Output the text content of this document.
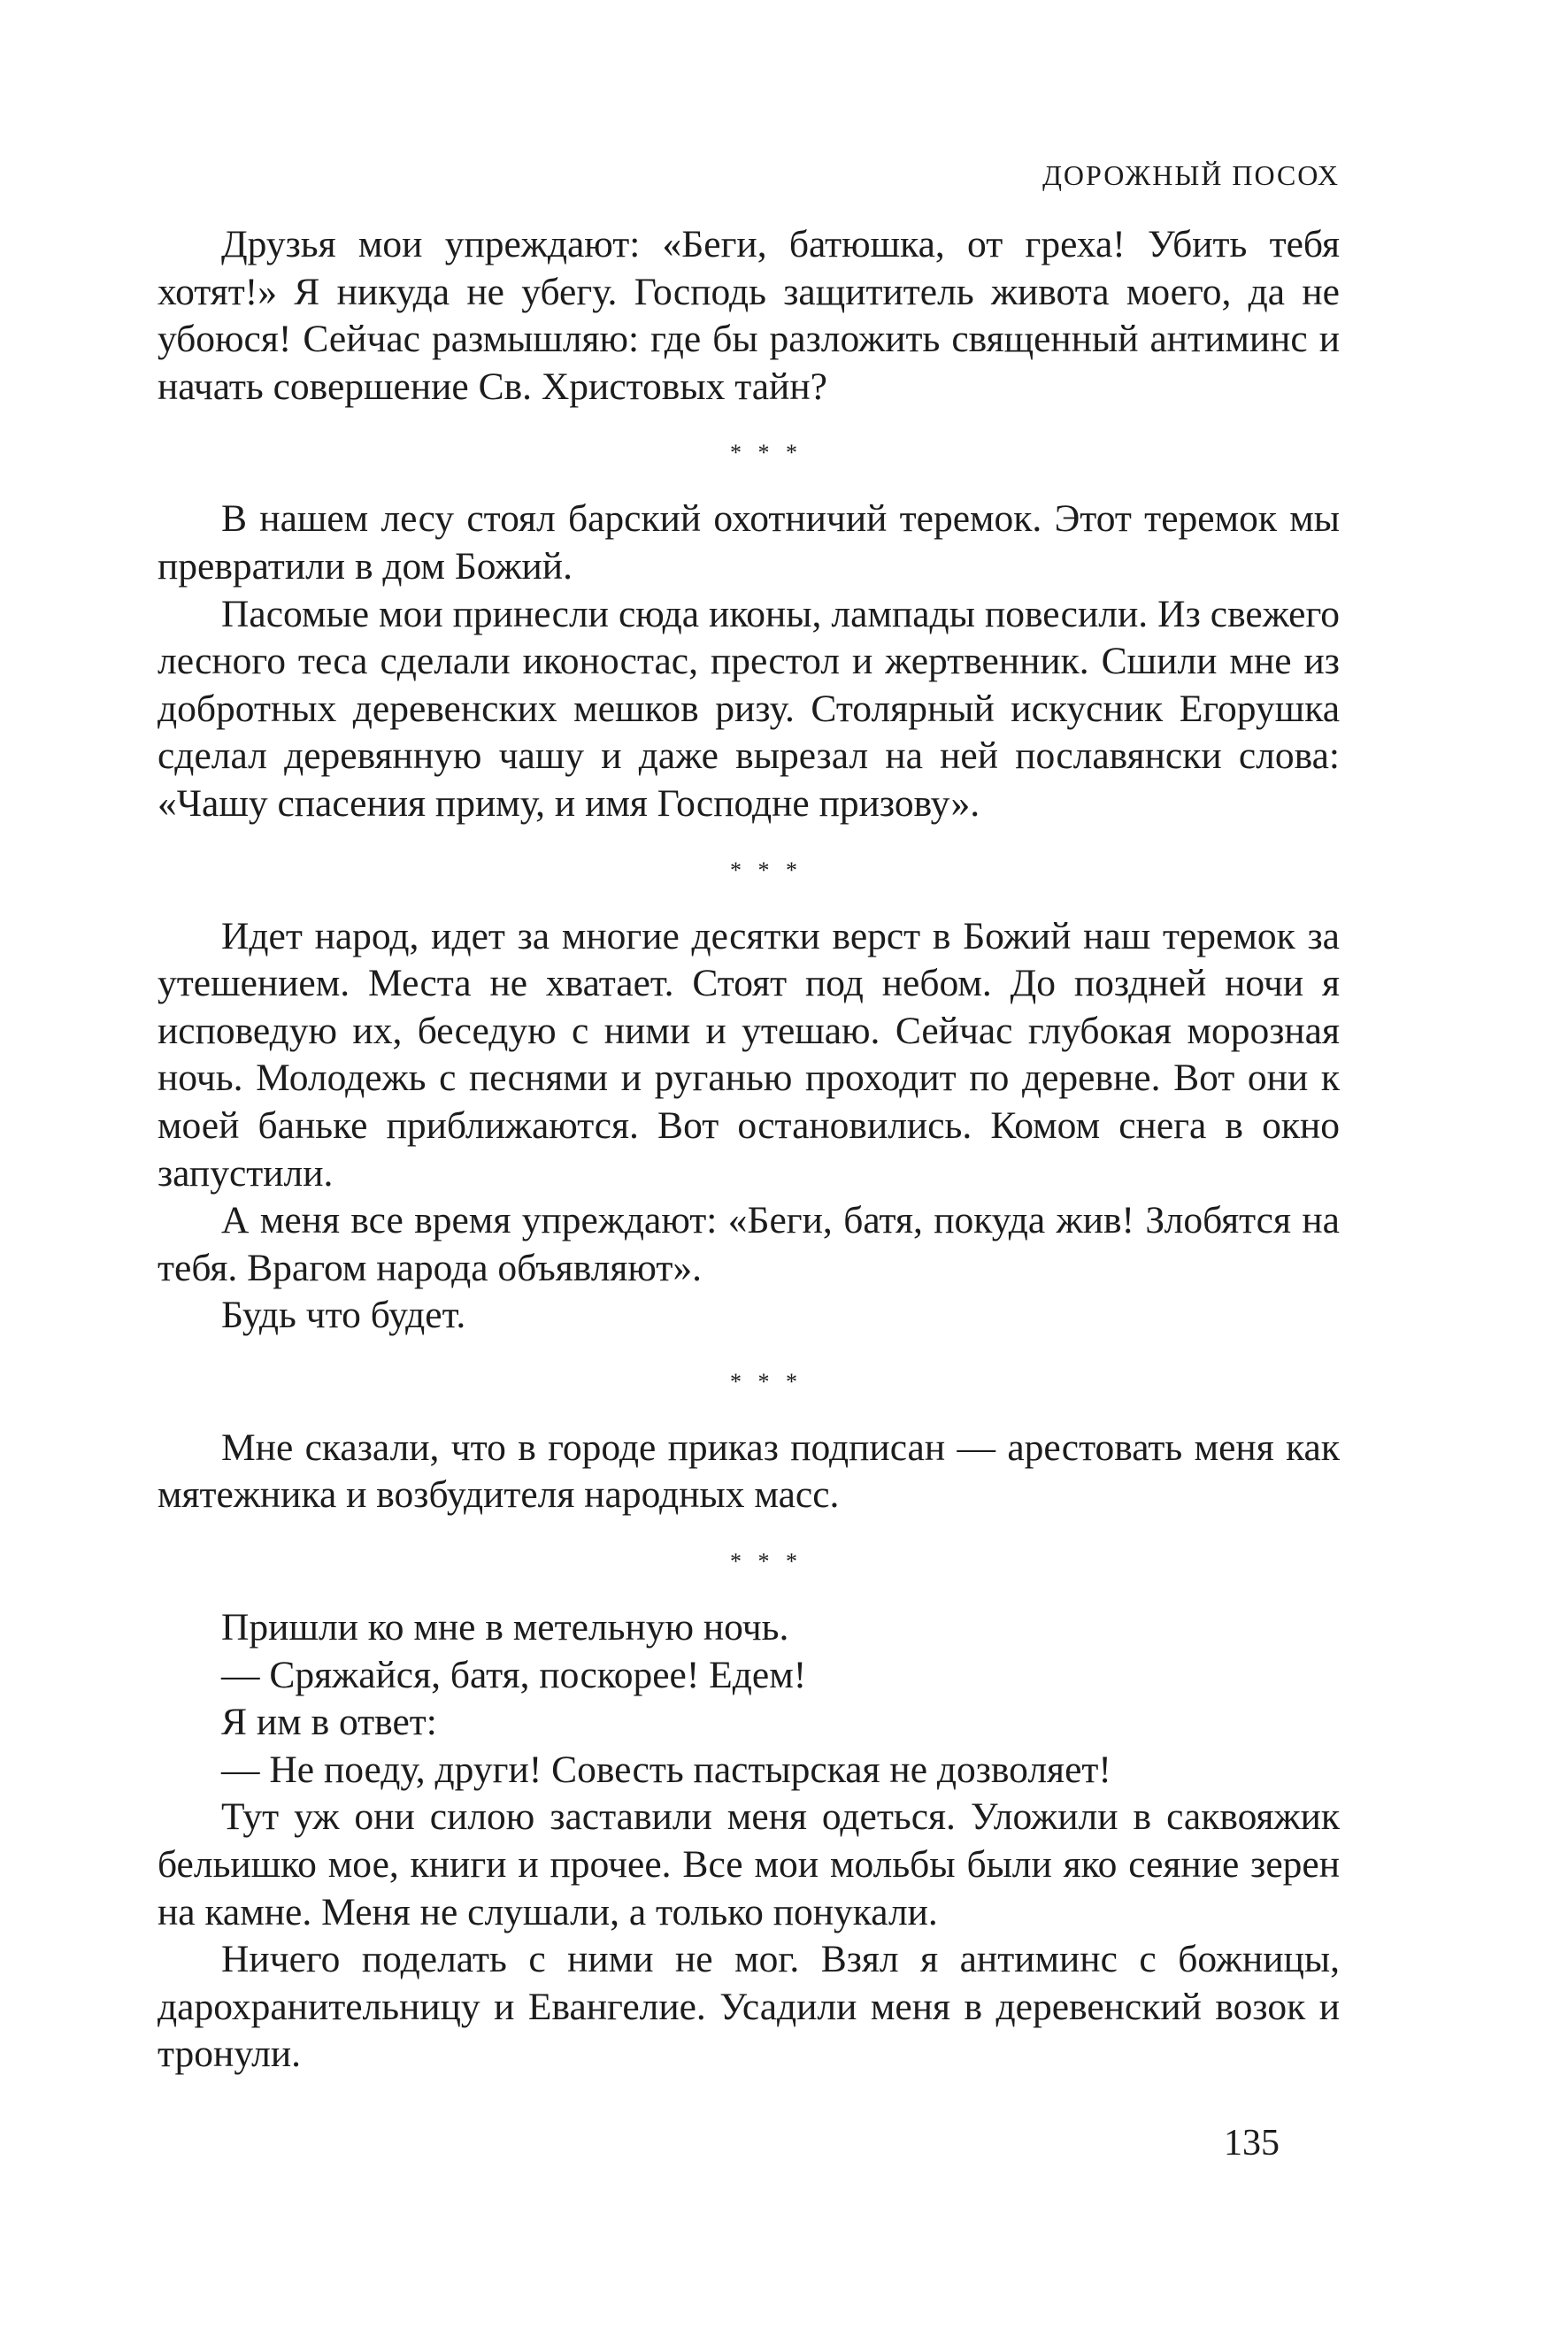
ДОРОЖНЫЙ ПОСОХ

Друзья мои упреждают: «Беги, батюшка, от греха! Убить тебя хотят!» Я никуда не убегу. Господь защититель живота моего, да не убоюся! Сейчас размышляю: где бы разложить священный антиминс и начать совершение Св. Христовых тайн?

* * *

В нашем лесу стоял барский охотничий теремок. Этот теремок мы превратили в дом Божий.

Пасомые мои принесли сюда иконы, лампады повесили. Из свежего лесного теса сделали иконостас, престол и жертвенник. Сшили мне из добротных деревенских мешков ризу. Столярный искусник Егорушка сделал деревянную чашу и даже вырезал на ней пославянски слова: «Чашу спасения приму, и имя Господне призову».

* * *

Идет народ, идет за многие десятки верст в Божий наш теремок за утешением. Места не хватает. Стоят под небом. До поздней ночи я исповедую их, беседую с ними и утешаю. Сейчас глубокая морозная ночь. Молодежь с песнями и руганью проходит по деревне. Вот они к моей баньке приближаются. Вот остановились. Комом снега в окно запустили.

А меня все время упреждают: «Беги, батя, покуда жив! Злобятся на тебя. Врагом народа объявляют».

Будь что будет.

* * *

Мне сказали, что в городе приказ подписан — арестовать меня как мятежника и возбудителя народных масс.

* * *

Пришли ко мне в метельную ночь.

— Сряжайся, батя, поскорее! Едем!

Я им в ответ:

— Не поеду, други! Совесть пастырская не дозволяет!

Тут уж они силою заставили меня одеться. Уложили в саквояжик бельишко мое, книги и прочее. Все мои мольбы были яко сеяние зерен на камне. Меня не слушали, а только понукали.

Ничего поделать с ними не мог. Взял я антиминс с божницы, дарохранительницу и Евангелие. Усадили меня в деревенский возок и тронули.

135
